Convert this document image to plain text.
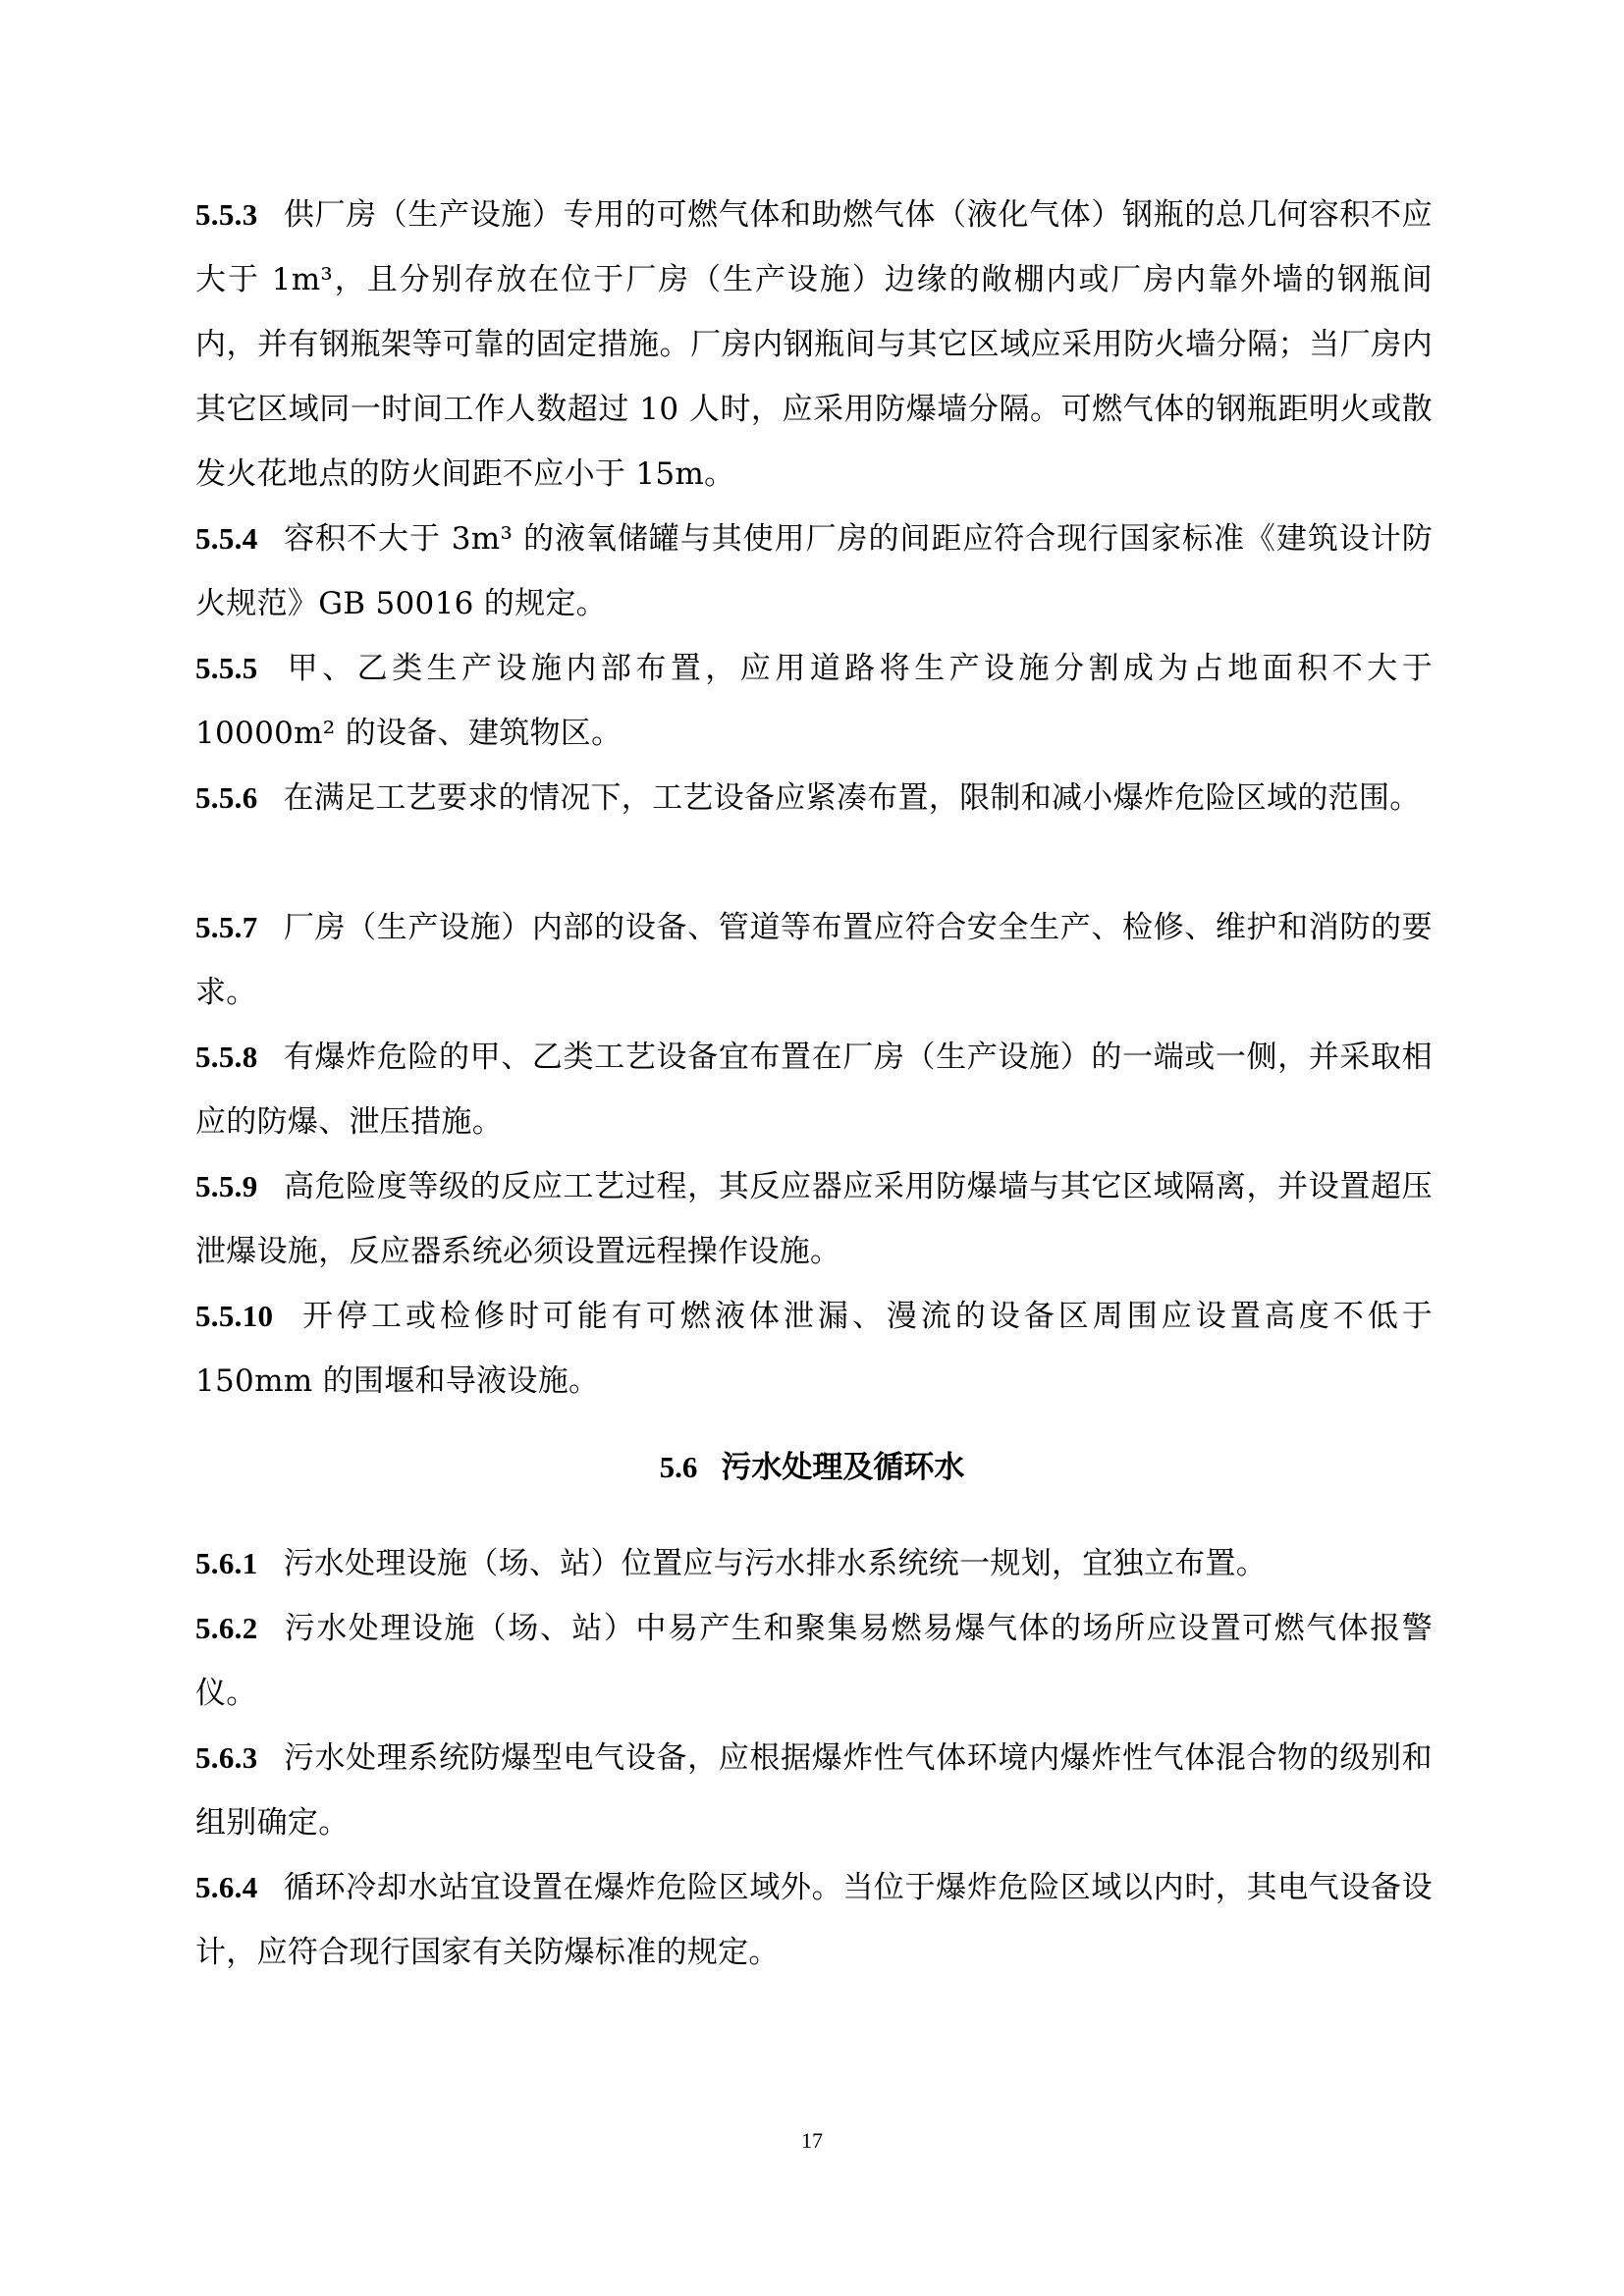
5.5.3 供厂房（生产设施）专用的可燃气体和助燃气体（液化气体）钢瓶的总几何容积不应大于 1m³，且分别存放在位于厂房（生产设施）边缘的敞棚内或厂房内靠外墙的钢瓶间内，并有钢瓶架等可靠的固定措施。厂房内钢瓶间与其它区域应采用防火墙分隔；当厂房内其它区域同一时间工作人数超过 10 人时，应采用防爆墙分隔。可燃气体的钢瓶距明火或散发火花地点的防火间距不应小于 15m。
5.5.4 容积不大于 3m³ 的液氧储罐与其使用厂房的间距应符合现行国家标准《建筑设计防火规范》GB 50016 的规定。
5.5.5 甲、乙类生产设施内部布置，应用道路将生产设施分割成为占地面积不大于 10000m² 的设备、建筑物区。
5.5.6 在满足工艺要求的情况下，工艺设备应紧凑布置，限制和减小爆炸危险区域的范围。
5.5.7 厂房（生产设施）内部的设备、管道等布置应符合安全生产、检修、维护和消防的要求。
5.5.8 有爆炸危险的甲、乙类工艺设备宜布置在厂房（生产设施）的一端或一侧，并采取相应的防爆、泄压措施。
5.5.9 高危险度等级的反应工艺过程，其反应器应采用防爆墙与其它区域隔离，并设置超压泄爆设施，反应器系统必须设置远程操作设施。
5.5.10 开停工或检修时可能有可燃液体泄漏、漫流的设备区周围应设置高度不低于 150mm 的围堰和导液设施。
5.6 污水处理及循环水
5.6.1 污水处理设施（场、站）位置应与污水排水系统统一规划，宜独立布置。
5.6.2 污水处理设施（场、站）中易产生和聚集易燃易爆气体的场所应设置可燃气体报警仪。
5.6.3 污水处理系统防爆型电气设备，应根据爆炸性气体环境内爆炸性气体混合物的级别和组别确定。
5.6.4 循环冷却水站宜设置在爆炸危险区域外。当位于爆炸危险区域以内时，其电气设备设计，应符合现行国家有关防爆标准的规定。
17
